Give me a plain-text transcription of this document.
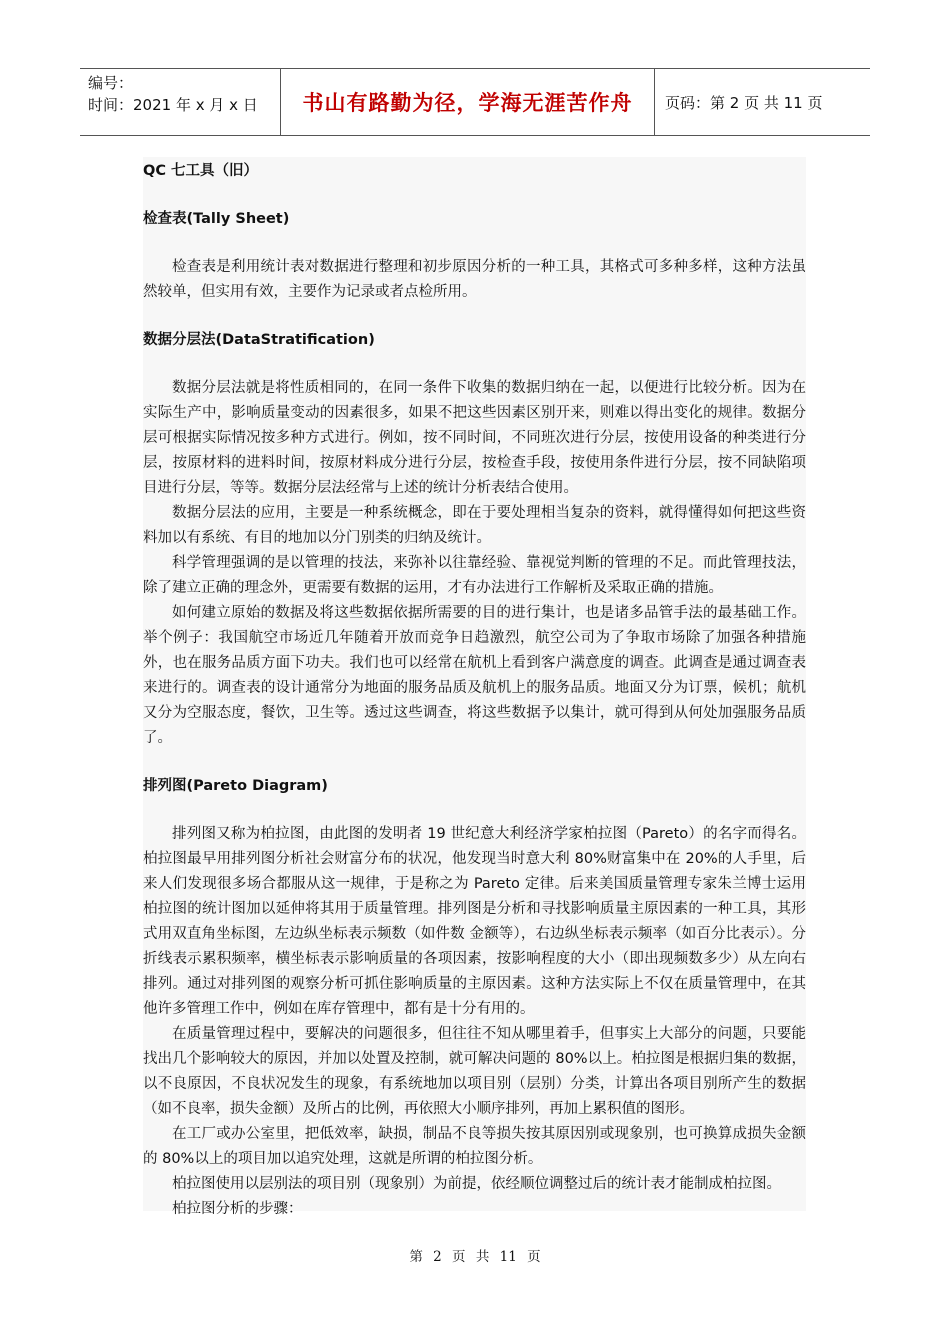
编号：
时间：2021 年 x 月 x 日	书山有路勤为径，学海无涯苦作舟	页码：第 2 页 共 11 页
QC 七工具（旧）
检查表(Tally Sheet)

检查表是利用统计表对数据进行整理和初步原因分析的一种工具，其格式可多种多样，这种方法虽然较单，但实用有效，主要作为记录或者点检所用。

数据分层法(DataStratification)

数据分层法就是将性质相同的，在同一条件下收集的数据归纳在一起，以便进行比较分析。因为在实际生产中，影响质量变动的因素很多，如果不把这些因素区别开来，则难以得出变化的规律。数据分层可根据实际情况按多种方式进行。例如，按不同时间，不同班次进行分层，按使用设备的种类进行分层，按原材料的进料时间，按原材料成分进行分层，按检查手段，按使用条件进行分层，按不同缺陷项目进行分层，等等。数据分层法经常与上述的统计分析表结合使用。

数据分层法的应用，主要是一种系统概念，即在于要处理相当复杂的资料，就得懂得如何把这些资料加以有系统、有目的地加以分门别类的归纳及统计。

科学管理强调的是以管理的技法，来弥补以往靠经验、靠视觉判断的管理的不足。而此管理技法，除了建立正确的理念外，更需要有数据的运用，才有办法进行工作解析及采取正确的措施。

如何建立原始的数据及将这些数据依据所需要的目的进行集计，也是诸多品管手法的最基础工作。举个例子：我国航空市场近几年随着开放而竞争日趋激烈，航空公司为了争取市场除了加强各种措施外，也在服务品质方面下功夫。我们也可以经常在航机上看到客户满意度的调查。此调查是通过调查表来进行的。调查表的设计通常分为地面的服务品质及航机上的服务品质。地面又分为订票，候机；航机又分为空服态度，餐饮，卫生等。透过这些调查，将这些数据予以集计，就可得到从何处加强服务品质了。

排列图(Pareto Diagram)

排列图又称为柏拉图，由此图的发明者 19 世纪意大利经济学家柏拉图（Pareto）的名字而得名。柏拉图最早用排列图分析社会财富分布的状况，他发现当时意大利 80%财富集中在 20%的人手里，后来人们发现很多场合都服从这一规律，于是称之为 Pareto 定律。后来美国质量管理专家朱兰博士运用柏拉图的统计图加以延伸将其用于质量管理。排列图是分析和寻找影响质量主原因素的一种工具，其形式用双直角坐标图，左边纵坐标表示频数（如件数 金额等），右边纵坐标表示频率（如百分比表示）。分折线表示累积频率，横坐标表示影响质量的各项因素，按影响程度的大小（即出现频数多少）从左向右排列。通过对排列图的观察分析可抓住影响质量的主原因素。这种方法实际上不仅在质量管理中，在其他许多管理工作中，例如在库存管理中，都有是十分有用的。

在质量管理过程中，要解决的问题很多，但往往不知从哪里着手，但事实上大部分的问题，只要能找出几个影响较大的原因，并加以处置及控制，就可解决问题的 80%以上。柏拉图是根据归集的数据，以不良原因，不良状况发生的现象，有系统地加以项目别（层别）分类，计算出各项目别所产生的数据（如不良率，损失金额）及所占的比例，再依照大小顺序排列，再加上累积值的图形。

在工厂或办公室里，把低效率，缺损，制品不良等损失按其原因别或现象别，也可换算成损失金额的 80%以上的项目加以追究处理，这就是所谓的柏拉图分析。

柏拉图使用以层别法的项目别（现象别）为前提，依经顺位调整过后的统计表才能制成柏拉图。

柏拉图分析的步骤：

第 2 页 共 11 页
